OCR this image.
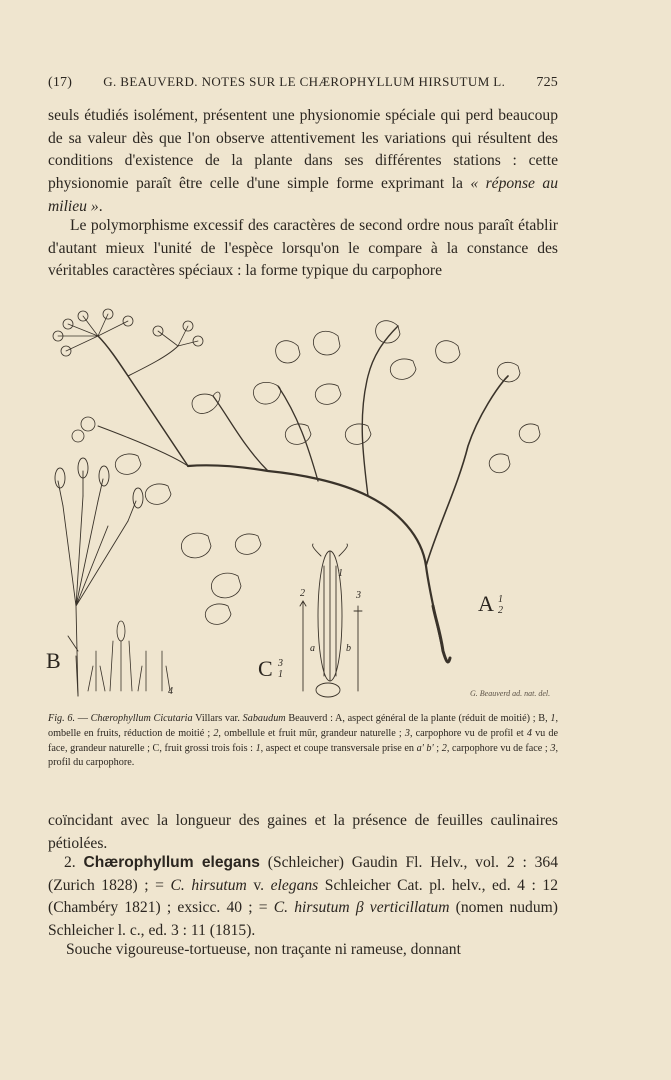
(17) G. BEAUVERD. NOTES SUR LE CHÆROPHYLLUM HIRSUTUM L. 725

seuls étudiés isolément, présentent une physionomie spéciale qui perd beaucoup de sa valeur dès que l'on observe attentivement les variations qui résultent des conditions d'existence de la plante dans ses différentes stations : cette physionomie paraît être celle d'une simple forme exprimant la « réponse au milieu ».

Le polymorphisme excessif des caractères de second ordre nous paraît établir d'autant mieux l'unité de l'espèce lorsqu'on le compare à la constance des véritables caractères spéciaux : la forme typique du carpophore

A 1
2
B	C 3
1
1
2	3
4
a	b
G. Beauverd ad. nat. del.
Fig. 6. — Chærophyllum Cicutaria Villars var. Sabaudum Beauverd : A, aspect général de la plante (réduit de moitié) ; B, 1, ombelle en fruits, réduction de moitié ; 2, ombellule et fruit mûr, grandeur naturelle ; 3, carpophore vu de profil et 4 vu de face, grandeur naturelle ; C, fruit grossi trois fois : 1, aspect et coupe transversale prise en a' b' ; 2, carpophore vu de face ; 3, profil du carpophore.

coïncidant avec la longueur des gaines et la présence de feuilles caulinaires pétiolées.

2. Chærophyllum elegans (Schleicher) Gaudin Fl. Helv., vol. 2 : 364 (Zurich 1828) ; = C. hirsutum v. elegans Schleicher Cat. pl. helv., ed. 4 : 12 (Chambéry 1821) ; exsicc. 40 ; = C. hirsutum β verticillatum (nomen nudum) Schleicher l. c., ed. 3 : 11 (1815).

Souche vigoureuse-tortueuse, non traçante ni rameuse, donnant
